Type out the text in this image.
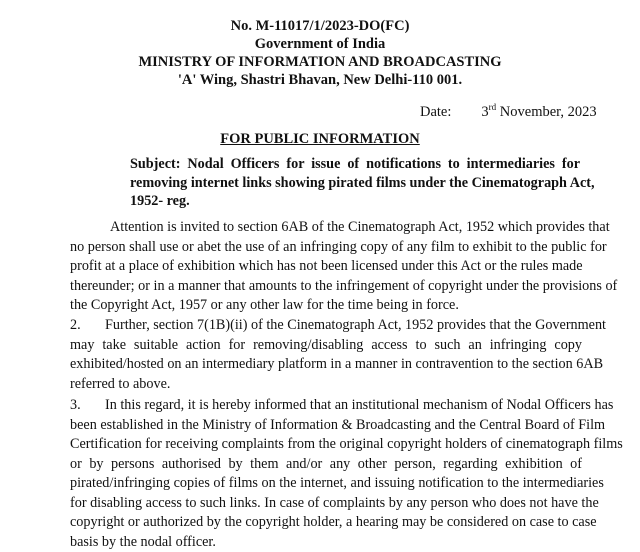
No. M-11017/1/2023-DO(FC)
Government of India
MINISTRY OF INFORMATION AND BROADCASTING
'A' Wing, Shastri Bhavan, New Delhi-110 001.
Date: 3rd November, 2023
FOR PUBLIC INFORMATION
Subject: Nodal Officers for issue of notifications to intermediaries for
removing internet links showing pirated films under the Cinematograph Act,
1952- reg.
Attention is invited to section 6AB of the Cinematograph Act, 1952 which provides that
no person shall use or abet the use of an infringing copy of any film to exhibit to the public for
profit at a place of exhibition which has not been licensed under this Act or the rules made
thereunder; or in a manner that amounts to the infringement of copyright under the provisions of
the Copyright Act, 1957 or any other law for the time being in force.
2. Further, section 7(1B)(ii) of the Cinematograph Act, 1952 provides that the Government
may take suitable action for removing/disabling access to such an infringing copy
exhibited/hosted on an intermediary platform in a manner in contravention to the section 6AB
referred to above.
3. In this regard, it is hereby informed that an institutional mechanism of Nodal Officers has
been established in the Ministry of Information & Broadcasting and the Central Board of Film
Certification for receiving complaints from the original copyright holders of cinematograph films
or by persons authorised by them and/or any other person, regarding exhibition of
pirated/infringing copies of films on the internet, and issuing notification to the intermediaries
for disabling access to such links. In case of complaints by any person who does not have the
copyright or authorized by the copyright holder, a hearing may be considered on case to case
basis by the nodal officer.
